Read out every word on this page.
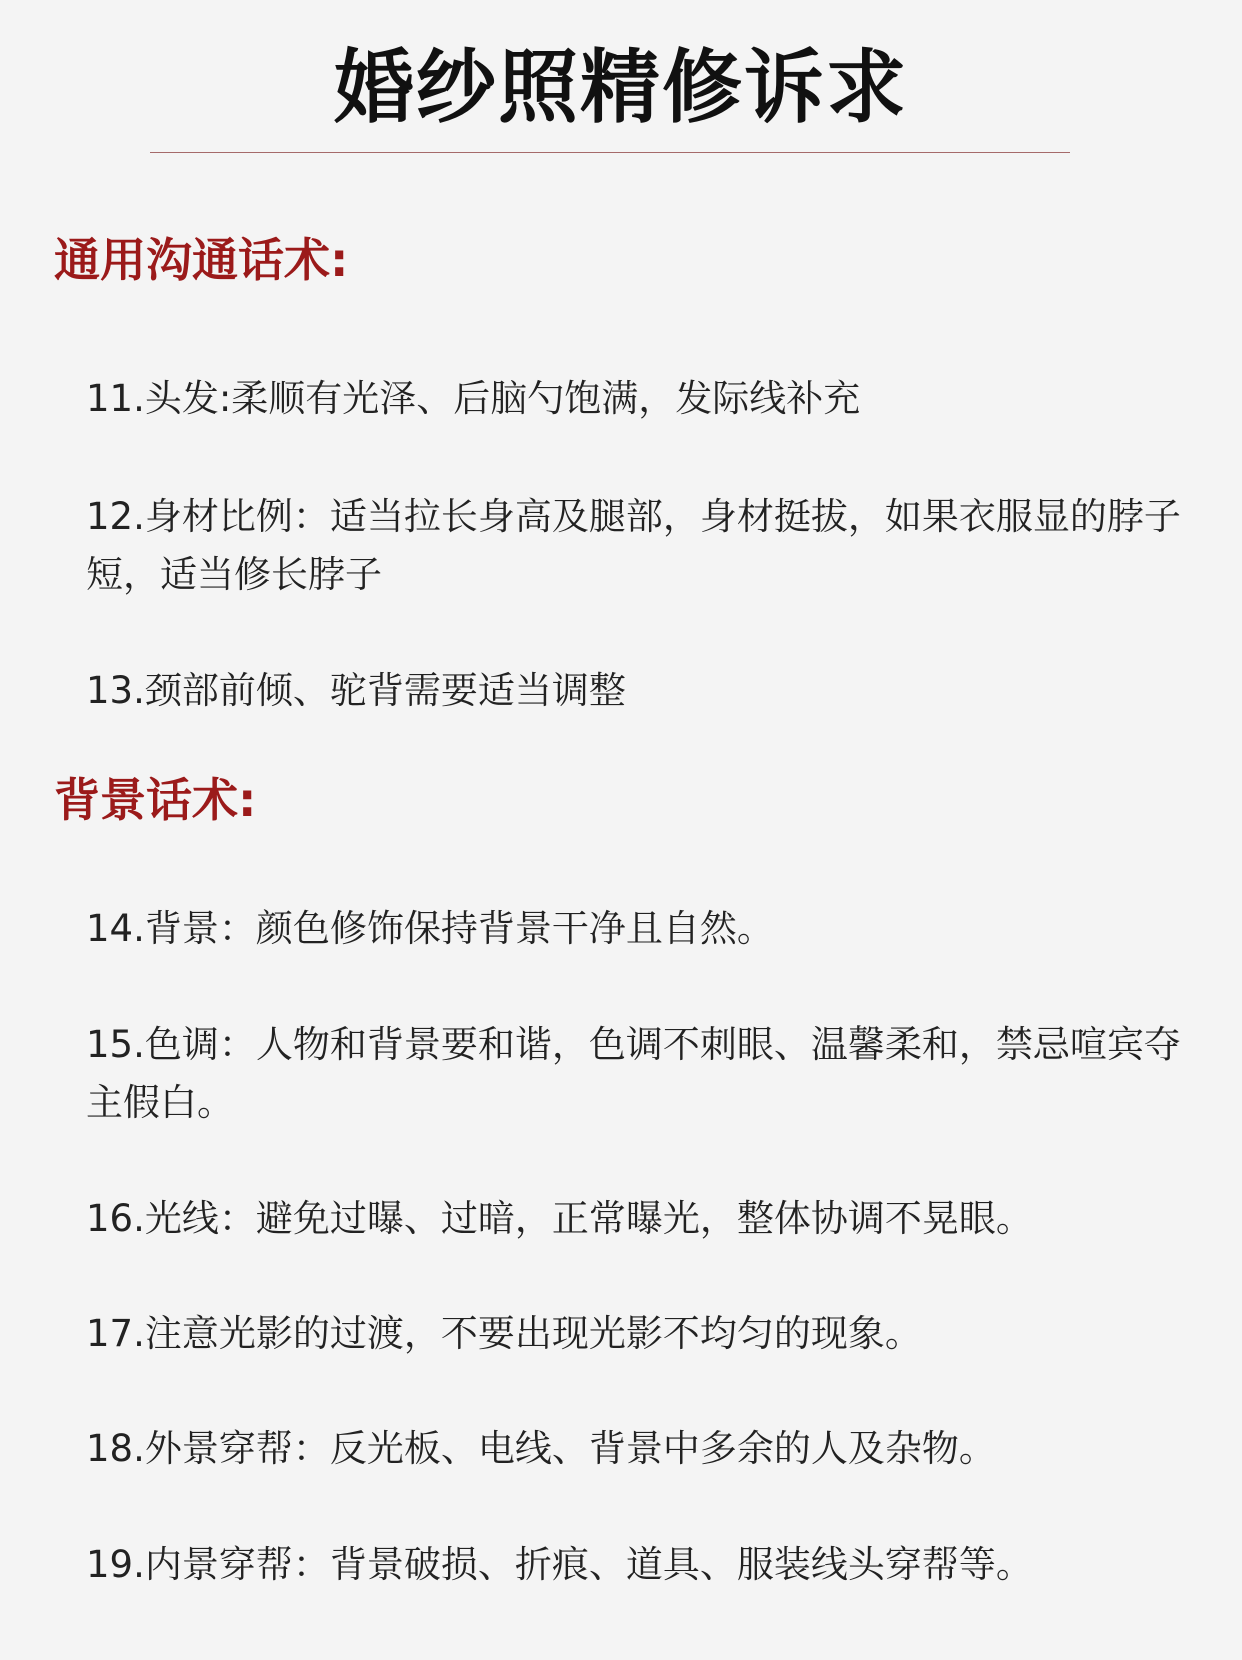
婚纱照精修诉求
通用沟通话术:

11.头发:柔顺有光泽、后脑勺饱满，发际线补充

12.身材比例：适当拉长身高及腿部，身材挺拔，如果衣服显的脖子短，适当修长脖子

13.颈部前倾、驼背需要适当调整

背景话术:

14.背景：颜色修饰保持背景干净且自然。

15.色调：人物和背景要和谐，色调不刺眼、温馨柔和，禁忌喧宾夺主假白。

16.光线：避免过曝、过暗，正常曝光，整体协调不晃眼。

17.注意光影的过渡，不要出现光影不均匀的现象。

18.外景穿帮：反光板、电线、背景中多余的人及杂物。

19.内景穿帮：背景破损、折痕、道具、服装线头穿帮等。
